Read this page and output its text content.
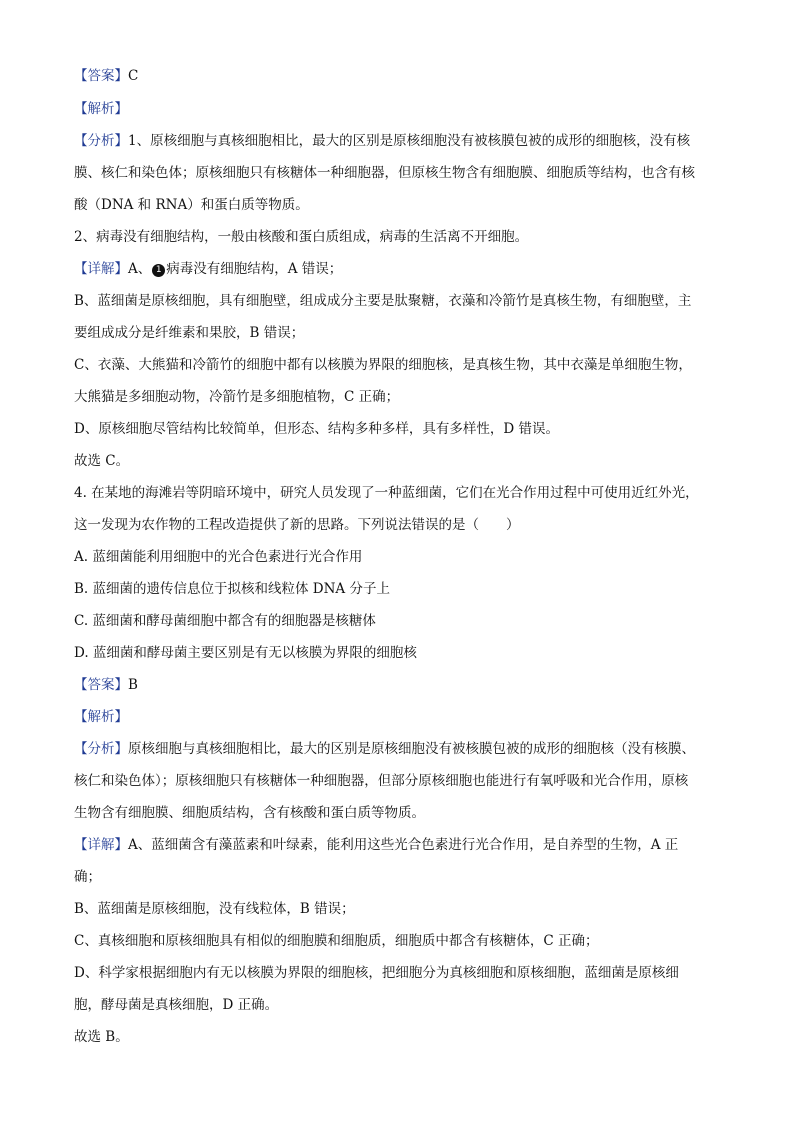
【答案】C
【解析】
【分析】1、原核细胞与真核细胞相比，最大的区别是原核细胞没有被核膜包被的成形的细胞核，没有核
膜、核仁和染色体；原核细胞只有核糖体一种细胞器，但原核生物含有细胞膜、细胞质等结构，也含有核
酸（DNA 和 RNA）和蛋白质等物质。
2、病毒没有细胞结构，一般由核酸和蛋白质组成，病毒的生活离不开细胞。
【详解】A、 1 病毒没有细胞结构，A 错误；
B、蓝细菌是原核细胞，具有细胞壁，组成成分主要是肽聚糖，衣藻和冷箭竹是真核生物，有细胞壁，主
要组成成分是纤维素和果胶，B 错误；
C、衣藻、大熊猫和冷箭竹的细胞中都有以核膜为界限的细胞核，是真核生物，其中衣藻是单细胞生物，
大熊猫是多细胞动物，冷箭竹是多细胞植物，C 正确；
D、原核细胞尽管结构比较简单，但形态、结构多种多样，具有多样性，D 错误。
故选 C。
4. 在某地的海滩岩等阴暗环境中，研究人员发现了一种蓝细菌，它们在光合作用过程中可使用近红外光，
这一发现为农作物的工程改造提供了新的思路。下列说法错误的是（　　）
A. 蓝细菌能利用细胞中的光合色素进行光合作用
B. 蓝细菌的遗传信息位于拟核和线粒体 DNA 分子上
C. 蓝细菌和酵母菌细胞中都含有的细胞器是核糖体
D. 蓝细菌和酵母菌主要区别是有无以核膜为界限的细胞核
【答案】B
【解析】
【分析】原核细胞与真核细胞相比，最大的区别是原核细胞没有被核膜包被的成形的细胞核（没有核膜、
核仁和染色体）；原核细胞只有核糖体一种细胞器，但部分原核细胞也能进行有氧呼吸和光合作用，原核
生物含有细胞膜、细胞质结构，含有核酸和蛋白质等物质。
【详解】A、蓝细菌含有藻蓝素和叶绿素，能利用这些光合色素进行光合作用，是自养型的生物，A 正
确；
B、蓝细菌是原核细胞，没有线粒体，B 错误；
C、真核细胞和原核细胞具有相似的细胞膜和细胞质，细胞质中都含有核糖体，C 正确；
D、科学家根据细胞内有无以核膜为界限的细胞核，把细胞分为真核细胞和原核细胞，蓝细菌是原核细
胞，酵母菌是真核细胞，D 正确。
故选 B。
